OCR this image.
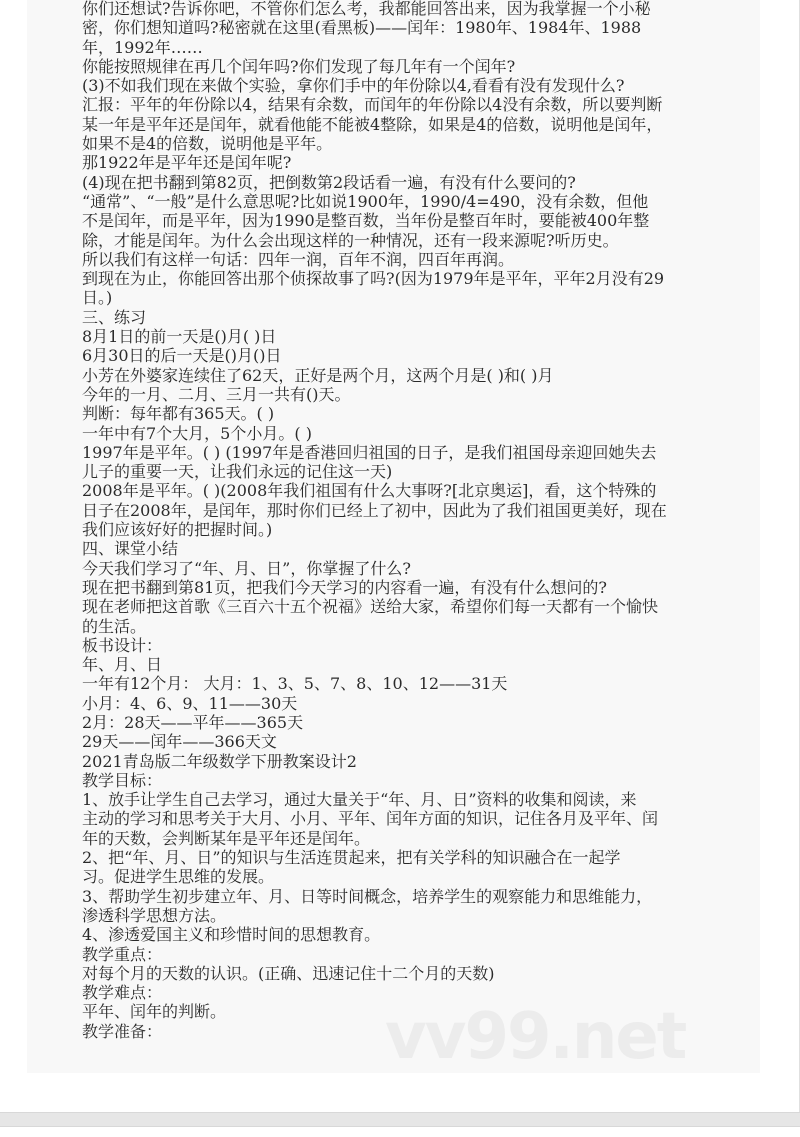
vv99.net
你们还想试?告诉你吧，不管你们怎么考，我都能回答出来，因为我掌握一个小秘
密，你们想知道吗?秘密就在这里(看黑板)——闰年：1980年、1984年、1988
年，1992年……
你能按照规律在再几个闰年吗?你们发现了每几年有一个闰年?
(3)不如我们现在来做个实验，拿你们手中的年份除以4,看看有没有发现什么?
汇报：平年的年份除以4，结果有余数，而闰年的年份除以4没有余数，所以要判断
某一年是平年还是闰年，就看他能不能被4整除，如果是4的倍数，说明他是闰年，
如果不是4的倍数，说明他是平年。
那1922年是平年还是闰年呢?
(4)现在把书翻到第82页，把倒数第2段话看一遍，有没有什么要问的?
“通常”、“一般”是什么意思呢?比如说1900年，1990/4=490，没有余数，但他
不是闰年，而是平年，因为1990是整百数，当年份是整百年时，要能被400年整
除，才能是闰年。为什么会出现这样的一种情况，还有一段来源呢?听历史。
所以我们有这样一句话：四年一润，百年不润，四百年再润。
到现在为止，你能回答出那个侦探故事了吗?(因为1979年是平年，平年2月没有29
日。)
三、练习
8月1日的前一天是()月( )日
6月30日的后一天是()月()日
小芳在外婆家连续住了62天，正好是两个月，这两个月是( )和( )月
今年的一月、二月、三月一共有()天。
判断：每年都有365天。( )
一年中有7个大月，5个小月。( )
1997年是平年。( ) (1997年是香港回归祖国的日子，是我们祖国母亲迎回她失去
儿子的重要一天，让我们永远的记住这一天)
2008年是平年。( )(2008年我们祖国有什么大事呀?[北京奥运]，看，这个特殊的
日子在2008年，是闰年，那时你们已经上了初中，因此为了我们祖国更美好，现在
我们应该好好的把握时间。)
四、课堂小结
今天我们学习了“年、月、日”，你掌握了什么?
现在把书翻到第81页，把我们今天学习的内容看一遍，有没有什么想问的?
现在老师把这首歌《三百六十五个祝福》送给大家，希望你们每一天都有一个愉快
的生活。
板书设计：
年、月、日
一年有12个月： 大月：1、3、5、7、8、10、12——31天
小月：4、6、9、11——30天
2月：28天——平年——365天
29天——闰年——366天文
2021青岛版二年级数学下册教案设计2
教学目标：
1、放手让学生自己去学习，通过大量关于“年、月、日”资料的收集和阅读，来
主动的学习和思考关于大月、小月、平年、闰年方面的知识，记住各月及平年、闰
年的天数，会判断某年是平年还是闰年。
2、把“年、月、日”的知识与生活连贯起来，把有关学科的知识融合在一起学
习。促进学生思维的发展。
3、帮助学生初步建立年、月、日等时间概念，培养学生的观察能力和思维能力，
渗透科学思想方法。
4、渗透爱国主义和珍惜时间的思想教育。
教学重点：
对每个月的天数的认识。(正确、迅速记住十二个月的天数)
教学难点：
平年、闰年的判断。
教学准备：
